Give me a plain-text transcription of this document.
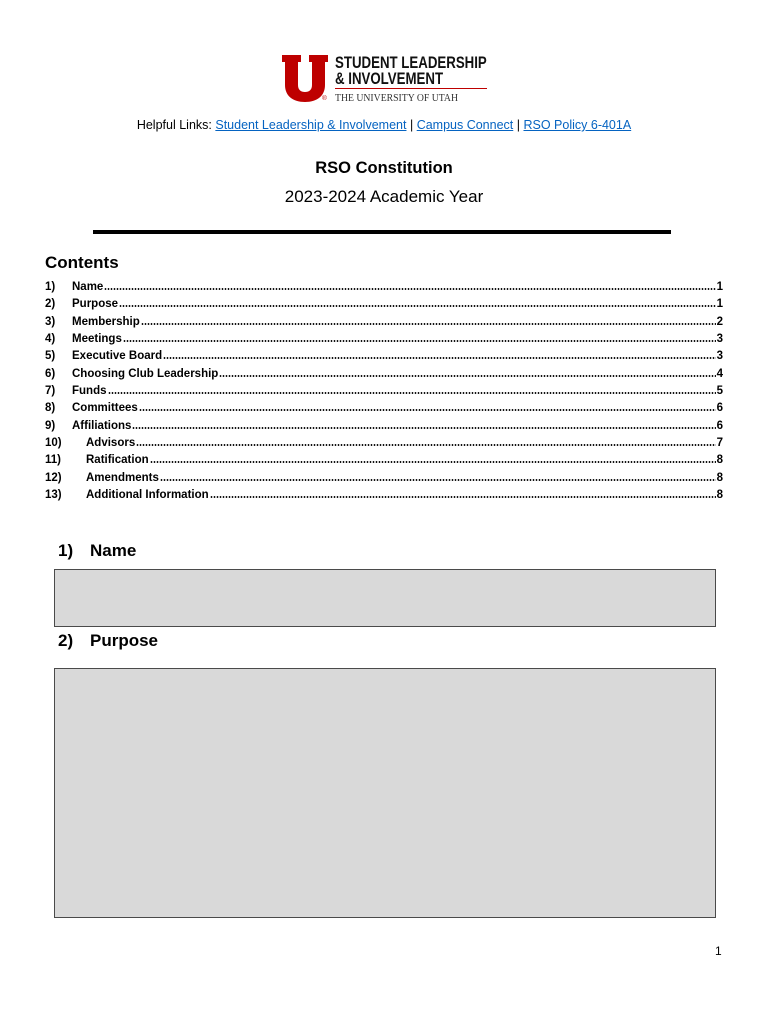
®
STUDENT LEADERSHIP
& INVOLVEMENT
THE UNIVERSITY OF UTAH
Helpful Links: Student Leadership & Involvement | Campus Connect | RSO Policy 6-401A
RSO Constitution
2023-2024 Academic Year
Contents
1)	Name	1
2)	Purpose	1
3)	Membership	2
4)	Meetings	3
5)	Executive Board	3
6)	Choosing Club Leadership	4
7)	Funds	5
8)	Committees	6
9)	Affiliations	6
10)	Advisors	7
11)	Ratification	8
12)	Amendments	8
13)	Additional Information	8
1) Name
2) Purpose
1
